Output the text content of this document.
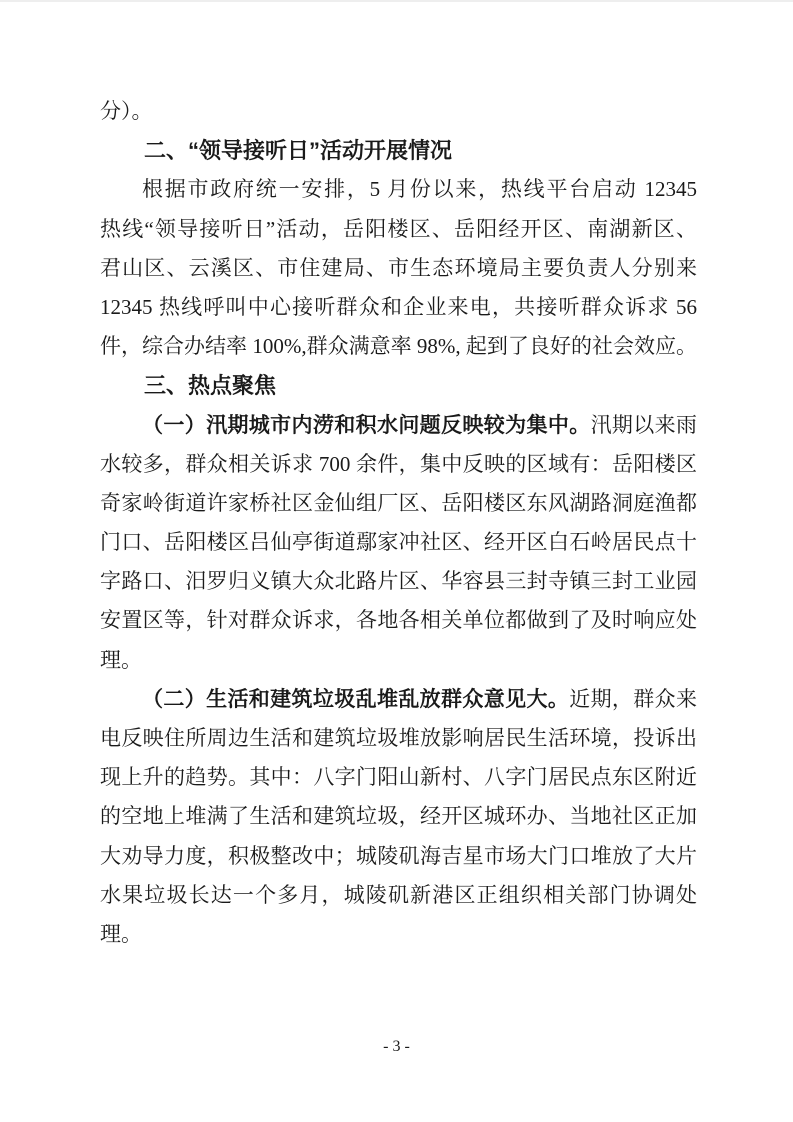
分）。
二、“领导接听日”活动开展情况
根据市政府统一安排，5 月份以来，热线平台启动 12345
热线“领导接听日”活动，岳阳楼区、岳阳经开区、南湖新区、
君山区、云溪区、市住建局、市生态环境局主要负责人分别来
12345 热线呼叫中心接听群众和企业来电，共接听群众诉求 56
件，综合办结率 100%,群众满意率 98%, 起到了良好的社会效应。
三、热点聚焦
（一）汛期城市内涝和积水问题反映较为集中。汛期以来雨
水较多，群众相关诉求 700 余件，集中反映的区域有：岳阳楼区
奇家岭街道许家桥社区金仙组厂区、岳阳楼区东风湖路洞庭渔都
门口、岳阳楼区吕仙亭街道鄢家冲社区、经开区白石岭居民点十
字路口、汨罗归义镇大众北路片区、华容县三封寺镇三封工业园
安置区等，针对群众诉求，各地各相关单位都做到了及时响应处
理。
（二）生活和建筑垃圾乱堆乱放群众意见大。近期，群众来
电反映住所周边生活和建筑垃圾堆放影响居民生活环境，投诉出
现上升的趋势。其中：八字门阳山新村、八字门居民点东区附近
的空地上堆满了生活和建筑垃圾，经开区城环办、当地社区正加
大劝导力度，积极整改中；城陵矶海吉星市场大门口堆放了大片
水果垃圾长达一个多月，城陵矶新港区正组织相关部门协调处
理。
- 3 -
